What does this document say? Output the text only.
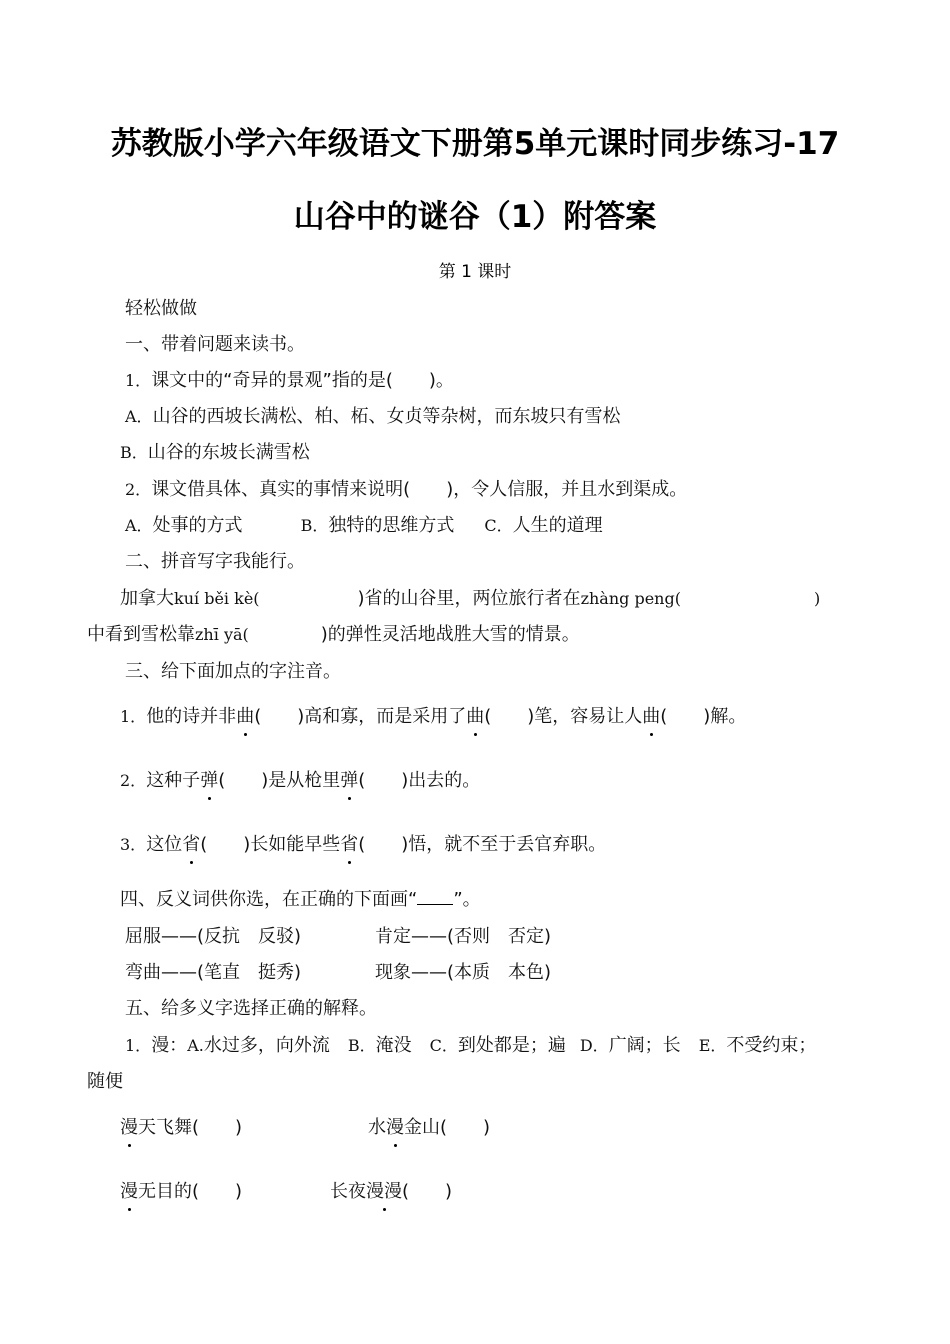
苏教版小学六年级语文下册第5单元课时同步练习-17
山谷中的谜谷（1）附答案
第 1 课时
轻松做做
一、带着问题来读书。
1．课文中的“奇异的景观”指的是(　　)。
A．山谷的西坡长满松、柏、柘、女贞等杂树，而东坡只有雪松
B．山谷的东坡长满雪松
2．课文借具体、真实的事情来说明(　　)，令人信服，并且水到渠成。
A．处事的方式	B．独特的思维方式 C．人生的道理
二、拼音写字我能行。
加拿大kuí běi kè(	)省的山谷里，两位旅行者在zhàng peng(	)
中看到雪松靠zhī yā(	)的弹性灵活地战胜大雪的情景。
三、给下面加点的字注音。
1．他的诗并非曲(　　)高和寡，而是采用了曲(　　)笔，容易让人曲(　　)解。
2．这种子弹(　　)是从枪里弹(　　)出去的。
3．这位省(　　)长如能早些省(　　)悟，就不至于丢官弃职。
四、反义词供你选，在正确的下面画“ ”。
屈服——(反抗　反驳)	肯定——(否则　否定)
弯曲——(笔直　挺秀)	现象——(本质　本色)
五、给多义字选择正确的解释。
1．漫：A.水过多，向外流 B．淹没 C．到处都是；遍 D．广阔；长 E．不受约束；
随便
漫天飞舞(　　)	水漫金山(　　)
漫无目的(　　)	长夜漫漫(　　)
